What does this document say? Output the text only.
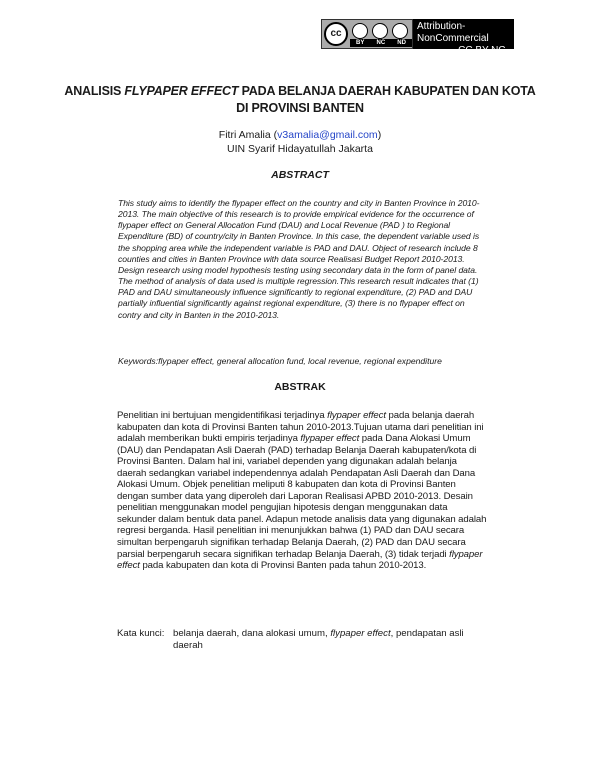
cc
BY NC ND
Attribution-NonCommercial
-NoDerivs
CC BY-NC-ND
ANALISIS FLYPAPER EFFECT PADA BELANJA DAERAH KABUPATEN DAN KOTA DI PROVINSI BANTEN
Fitri Amalia (v3amalia@gmail.com)
UIN Syarif Hidayatullah Jakarta
ABSTRACT
This study aims to identify the flypaper effect on the country and city in Banten Province in 2010-2013. The main objective of this research is to provide empirical evidence for the occurrence of flypaper effect on General Allocation Fund (DAU) and Local Revenue (PAD ) to Regional Expenditure (BD) of country/city in Banten Province. In this case, the dependent variable used is the shopping area while the independent variable is PAD and DAU. Object of research include 8 counties and cities in Banten Province with data source Realisasi Budget Report 2010-2013. Design research using model hypothesis testing using secondary data in the form of panel data. The method of analysis of data used is multiple regression.This research result indicates that (1) PAD and DAU simultaneously influence significantly to regional expenditure, (2) PAD and DAU partially influential significantly against regional expenditure, (3) there is no flypaper effect on contry and city in Banten in the 2010-2013.
Keywords:flypaper effect, general allocation fund, local revenue, regional expenditure
ABSTRAK
Penelitian ini bertujuan mengidentifikasi terjadinya flypaper effect pada belanja daerah kabupaten dan kota di Provinsi Banten tahun 2010-2013.Tujuan utama dari penelitian ini adalah memberikan bukti empiris terjadinya flypaper effect pada Dana Alokasi Umum (DAU) dan Pendapatan Asli Daerah (PAD) terhadap Belanja Daerah kabupaten/kota di Provinsi Banten. Dalam hal ini, variabel dependen yang digunakan adalah belanja daerah sedangkan variabel independennya adalah Pendapatan Asli Daerah dan Dana Alokasi Umum. Objek penelitian meliputi 8 kabupaten dan kota di Provinsi Banten dengan sumber data yang diperoleh dari Laporan Realisasi APBD 2010-2013. Desain penelitian menggunakan model pengujian hipotesis dengan menggunakan data sekunder dalam bentuk data panel. Adapun metode analisis data yang digunakan adalah regresi berganda. Hasil penelitian ini menunjukkan bahwa (1) PAD dan DAU secara simultan berpengaruh signifikan terhadap Belanja Daerah, (2) PAD dan DAU secara parsial berpengaruh secara signifikan terhadap Belanja Daerah, (3) tidak terjadi flypaper effect pada kabupaten dan kota di Provinsi Banten pada tahun 2010-2013.
Kata kunci: belanja daerah, dana alokasi umum, flypaper effect, pendapatan asli daerah
